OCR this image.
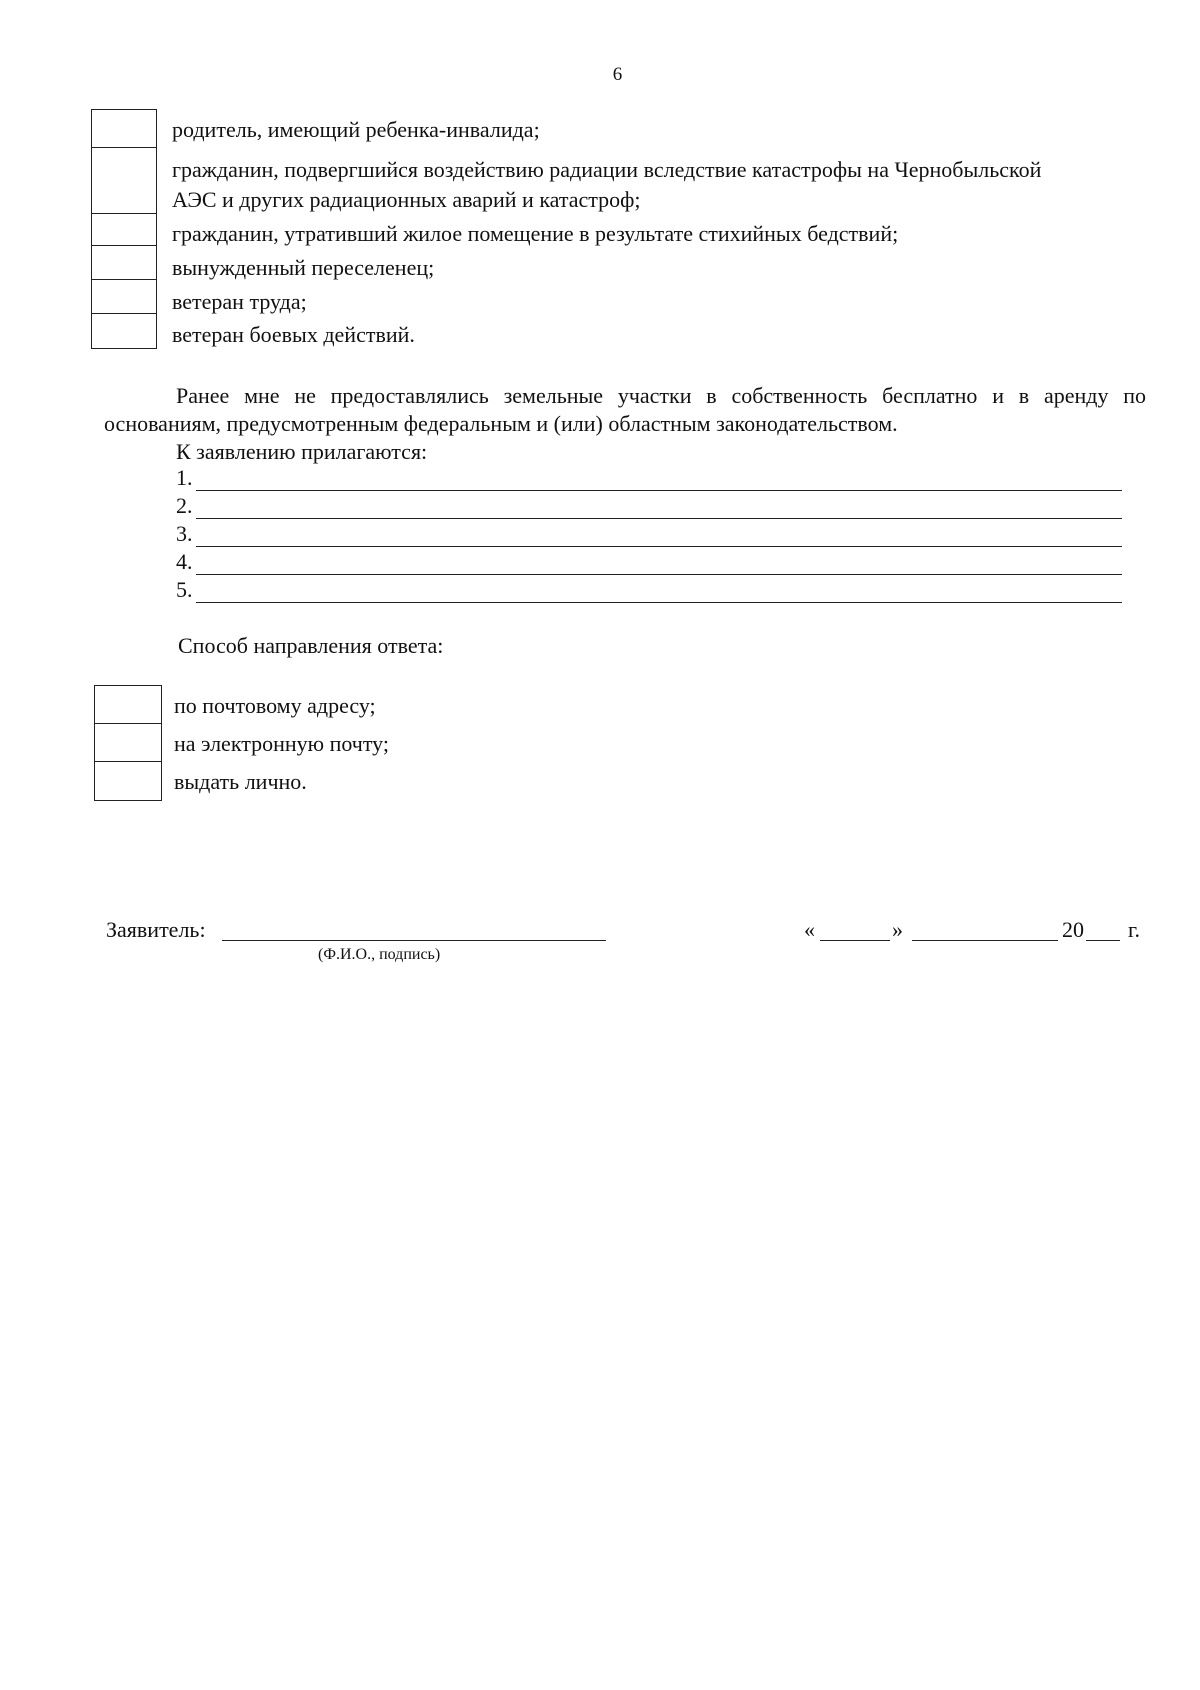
6
родитель, имеющий ребенка-инвалида;
гражданин, подвергшийся воздействию радиации вследствие катастрофы на Чернобыльской
АЭС и других радиационных аварий и катастроф;
гражданин, утративший жилое помещение в результате стихийных бедствий;
вынужденный переселенец;
ветеран труда;
ветеран боевых действий.
Ранее мне не предоставлялись земельные участки в собственность бесплатно и в аренду по
основаниям, предусмотренным федеральным и (или) областным законодательством.
К заявлению прилагаются:
1.
2.
3.
4.
5.
Способ направления ответа:
по почтовому адресу;
на электронную почту;
выдать лично.
Заявитель:
(Ф.И.О., подпись)
«	»	20 г.
